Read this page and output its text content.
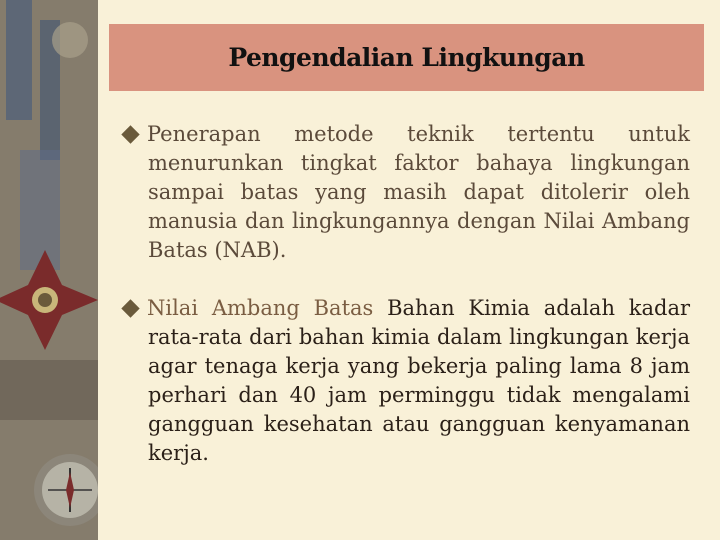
Pengendalian Lingkungan
Penerapan metode teknik tertentu untuk menurunkan tingkat faktor bahaya lingkungan sampai batas yang masih dapat ditolerir oleh manusia dan lingkungannya dengan Nilai Ambang Batas (NAB).
Nilai Ambang Batas Bahan Kimia adalah kadar rata-rata dari bahan kimia dalam lingkungan kerja agar tenaga kerja yang bekerja paling lama 8 jam perhari dan 40 jam perminggu tidak mengalami gangguan kesehatan atau gangguan kenyamanan kerja.
